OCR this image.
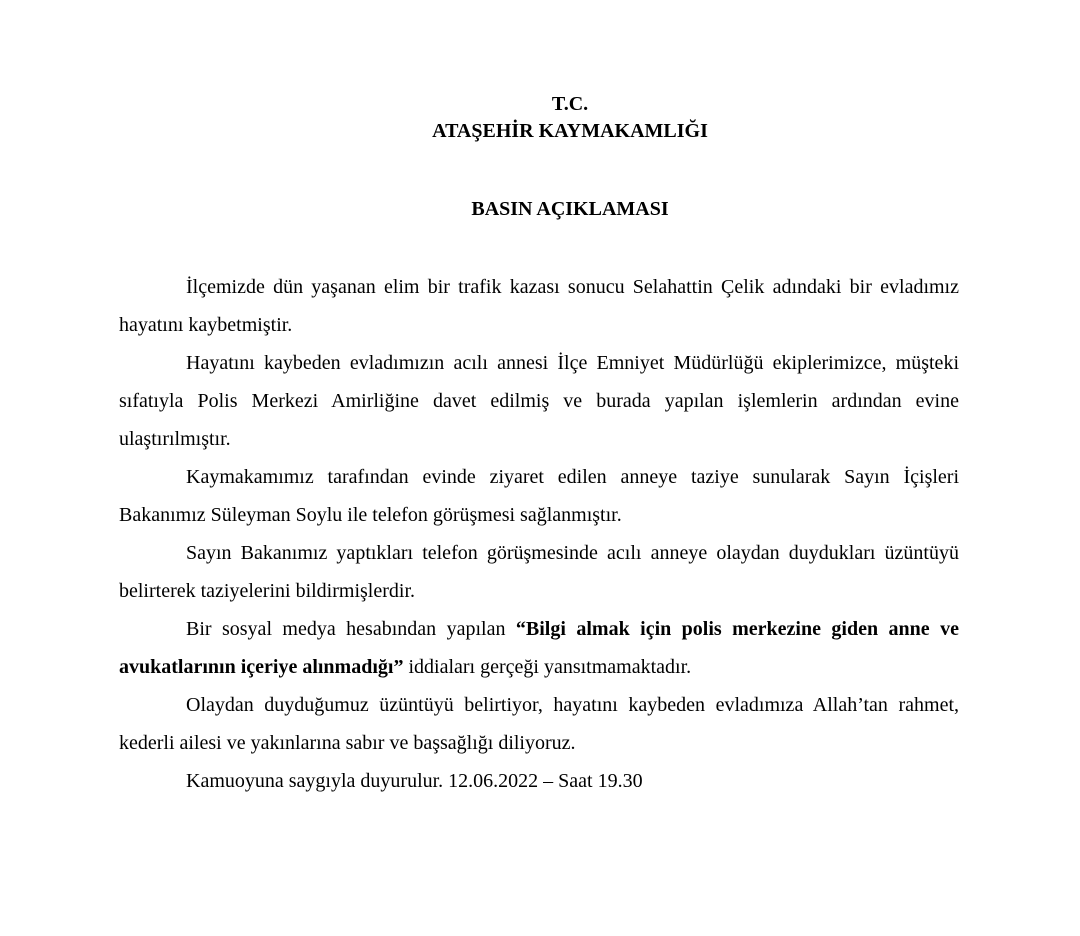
T.C.
ATAŞEHİR KAYMAKAMLIĞI
BASIN AÇIKLAMASI

İlçemizde dün yaşanan elim bir trafik kazası sonucu Selahattin Çelik adındaki bir evladımız hayatını kaybetmiştir.

Hayatını kaybeden evladımızın acılı annesi İlçe Emniyet Müdürlüğü ekiplerimizce, müşteki sıfatıyla Polis Merkezi Amirliğine davet edilmiş ve burada yapılan işlemlerin ardından evine ulaştırılmıştır.

Kaymakamımız tarafından evinde ziyaret edilen anneye taziye sunularak Sayın İçişleri Bakanımız Süleyman Soylu ile telefon görüşmesi sağlanmıştır.

Sayın Bakanımız yaptıkları telefon görüşmesinde acılı anneye olaydan duydukları üzüntüyü belirterek taziyelerini bildirmişlerdir.

Bir sosyal medya hesabından yapılan “Bilgi almak için polis merkezine giden anne ve avukatlarının içeriye alınmadığı” iddiaları gerçeği yansıtmamaktadır.

Olaydan duyduğumuz üzüntüyü belirtiyor, hayatını kaybeden evladımıza Allah’tan rahmet, kederli ailesi ve yakınlarına sabır ve başsağlığı diliyoruz.

Kamuoyuna saygıyla duyurulur. 12.06.2022 – Saat 19.30
